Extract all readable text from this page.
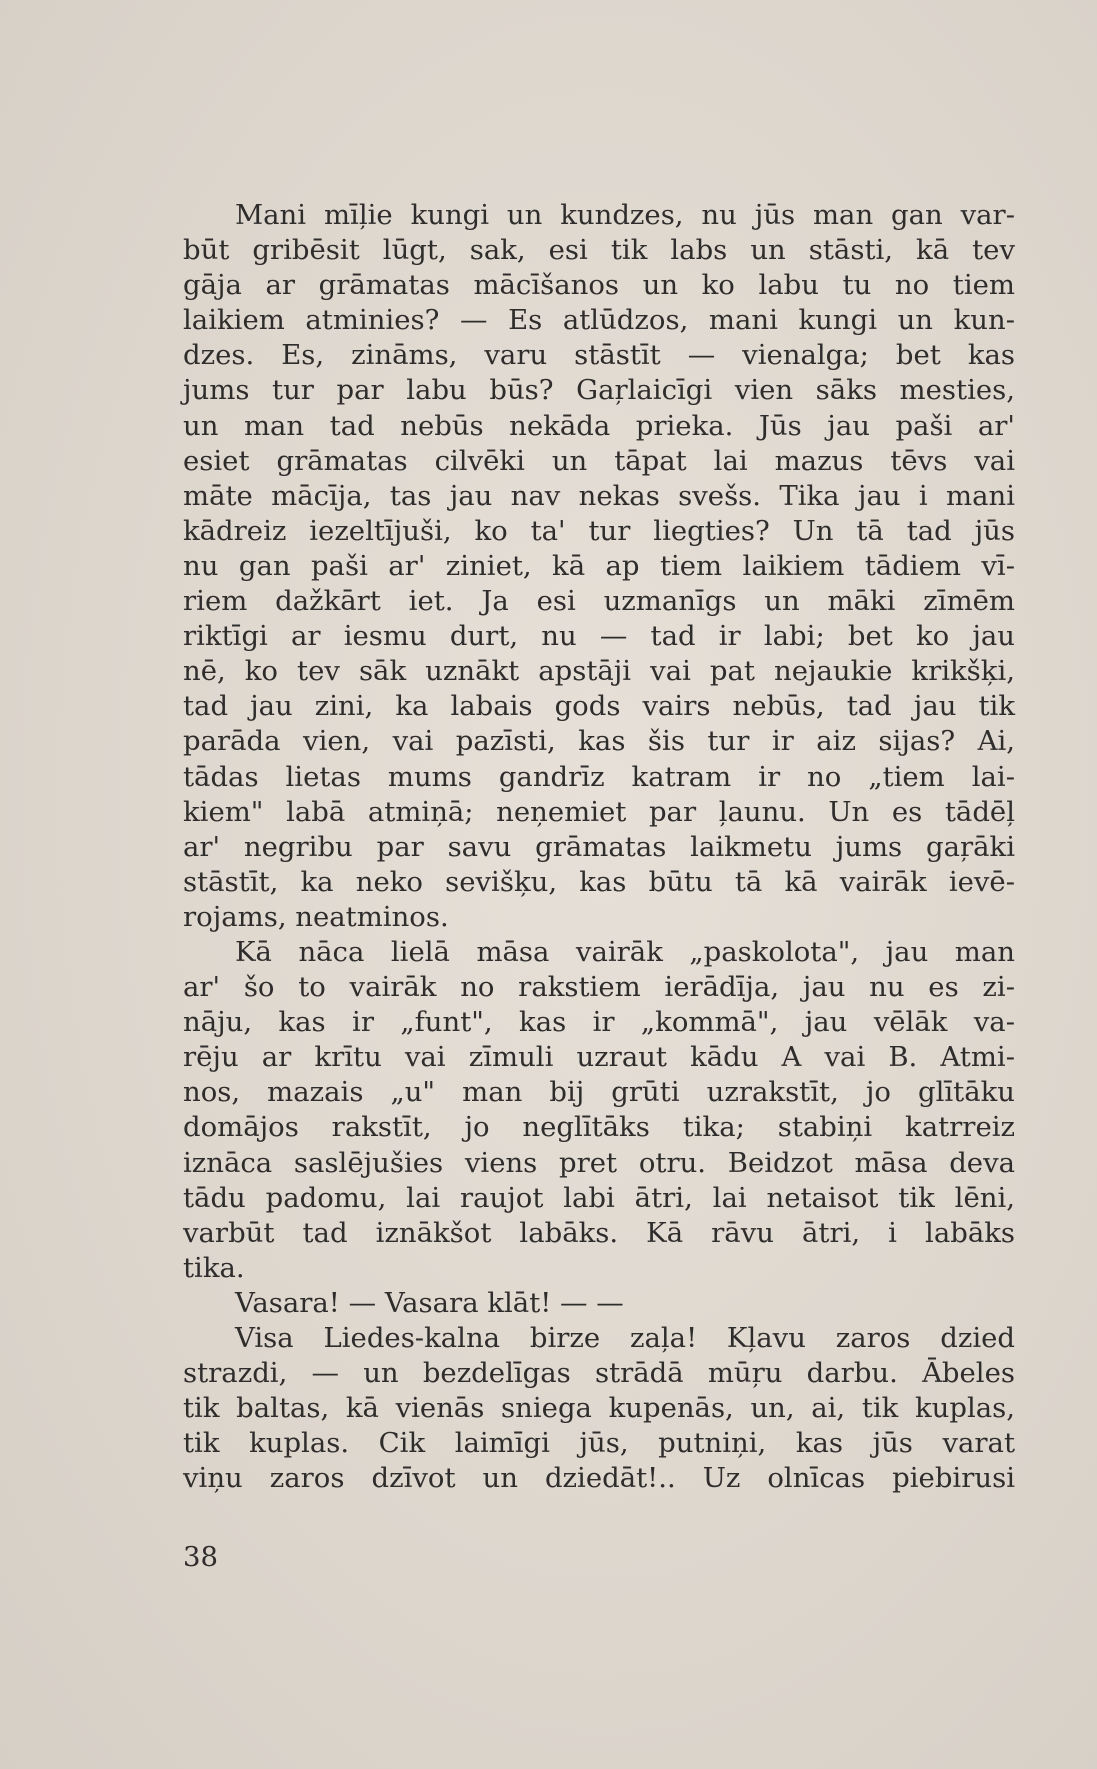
Mani mīļie kungi un kundzes, nu jūs man gan var-
būt gribēsit lūgt, sak, esi tik labs un stāsti, kā tev
gāja ar grāmatas mācīšanos un ko labu tu no tiem
laikiem atminies? — Es atlūdzos, mani kungi un kun-
dzes. Es, zināms, varu stāstīt — vienalga; bet kas
jums tur par labu būs? Gaŗlaicīgi vien sāks mesties,
un man tad nebūs nekāda prieka. Jūs jau paši ar'
esiet grāmatas cilvēki un tāpat lai mazus tēvs vai
māte mācīja, tas jau nav nekas svešs. Tika jau i mani
kādreiz iezeltījuši, ko ta' tur liegties? Un tā tad jūs
nu gan paši ar' ziniet, kā ap tiem laikiem tādiem vī-
riem dažkārt iet. Ja esi uzmanīgs un māki zīmēm
riktīgi ar iesmu durt, nu — tad ir labi; bet ko jau
nē, ko tev sāk uznākt apstāji vai pat nejaukie krikšķi,
tad jau zini, ka labais gods vairs nebūs, tad jau tik
parāda vien, vai pazīsti, kas šis tur ir aiz sijas? Ai,
tādas lietas mums gandrīz katram ir no „tiem lai-
kiem" labā atmiņā; neņemiet par ļaunu. Un es tādēļ
ar' negribu par savu grāmatas laikmetu jums gaŗāki
stāstīt, ka neko sevišķu, kas būtu tā kā vairāk ievē-
rojams, neatminos.
Kā nāca lielā māsa vairāk „paskolota", jau man
ar' šo to vairāk no rakstiem ierādīja, jau nu es zi-
nāju, kas ir „funt", kas ir „kommā", jau vēlāk va-
rēju ar krītu vai zīmuli uzraut kādu A vai B. Atmi-
nos, mazais „u" man bij grūti uzrakstīt, jo glītāku
domājos rakstīt, jo neglītāks tika; stabiņi katrreiz
iznāca saslējušies viens pret otru. Beidzot māsa deva
tādu padomu, lai raujot labi ātri, lai netaisot tik lēni,
varbūt tad iznākšot labāks. Kā rāvu ātri, i labāks
tika.
Vasara! — Vasara klāt! — —
Visa Liedes-kalna birze zaļa! Kļavu zaros dzied
strazdi, — un bezdelīgas strādā mūŗu darbu. Ābeles
tik baltas, kā vienās sniega kupenās, un, ai, tik kuplas,
tik kuplas. Cik laimīgi jūs, putniņi, kas jūs varat
viņu zaros dzīvot un dziedāt!.. Uz olnīcas piebirusi
38
